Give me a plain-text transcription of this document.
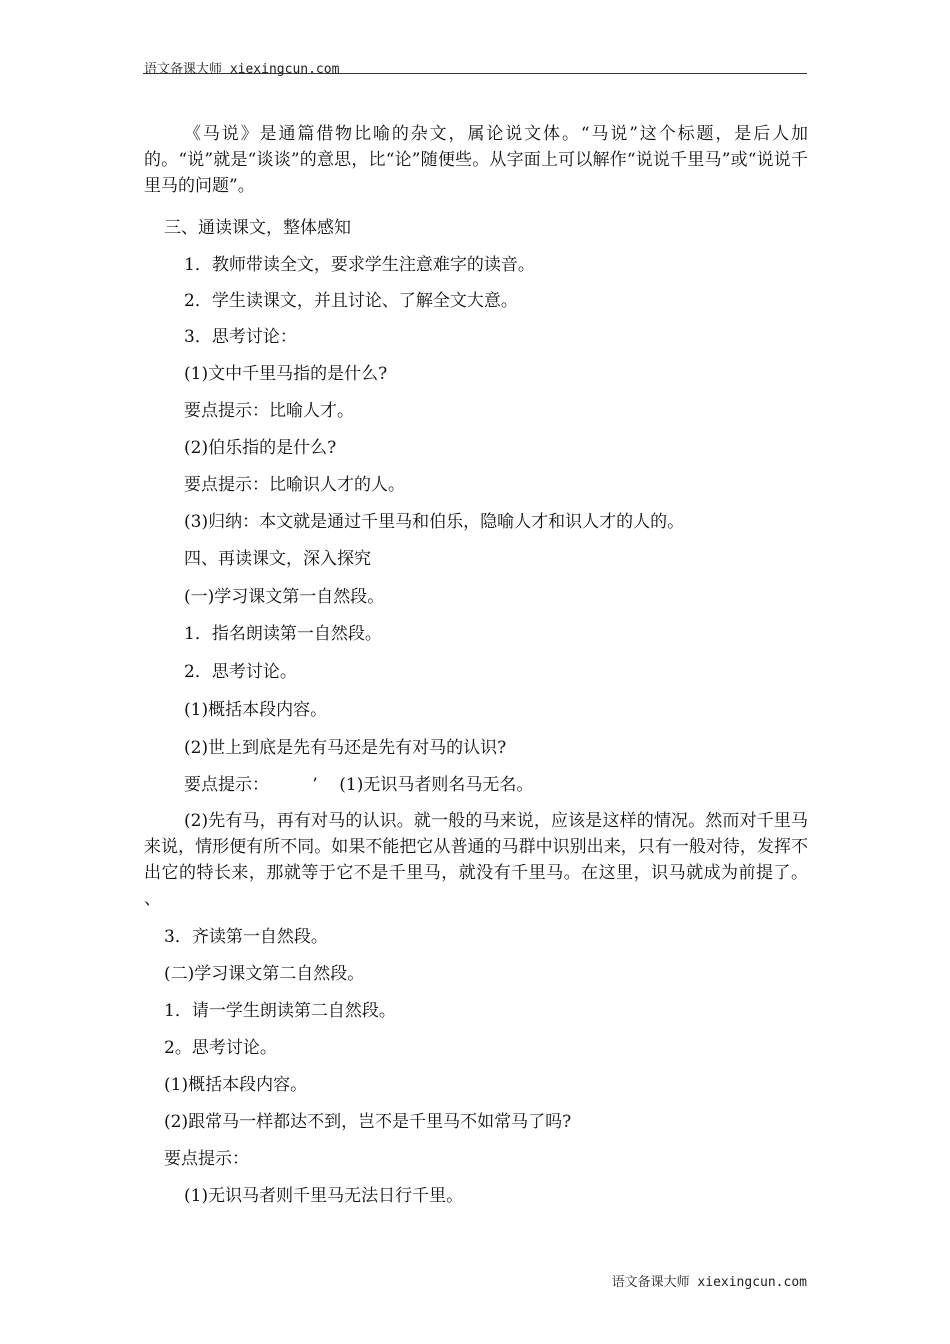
语文备课大师 xiexingcun.com
《马说》是通篇借物比喻的杂文，属论说文体。“马说”这个标题，是后人加的。“说”就是“谈谈”的意思，比“论”随便些。从字面上可以解作“说说千里马”或“说说千里马的问题”。
三、通读课文，整体感知
1．教师带读全文，要求学生注意难字的读音。
2．学生读课文，并且讨论、了解全文大意。
3．思考讨论：
(1)文中千里马指的是什么?
要点提示：比喻人才。
(2)伯乐指的是什么?
要点提示：比喻识人才的人。
(3)归纳：本文就是通过千里马和伯乐，隐喻人才和识人才的人的。
四、再读课文，深入探究
(一)学习课文第一自然段。
1．指名朗读第一自然段。
2．思考讨论。
(1)概括本段内容。
(2)世上到底是先有马还是先有对马的认识?
要点提示：        ’    (1)无识马者则名马无名。
(2)先有马，再有对马的认识。就一般的马来说，应该是这样的情况。然而对千里马来说，情形便有所不同。如果不能把它从普通的马群中识别出来，只有一般对待，发挥不出它的特长来，那就等于它不是千里马，就没有千里马。在这里，识马就成为前提了。 、
3．齐读第一自然段。
(二)学习课文第二自然段。
1．请一学生朗读第二自然段。
2。思考讨论。
(1)概括本段内容。
(2)跟常马一样都达不到，岂不是千里马不如常马了吗?
要点提示：
(1)无识马者则千里马无法日行千里。
语文备课大师 xiexingcun.com
